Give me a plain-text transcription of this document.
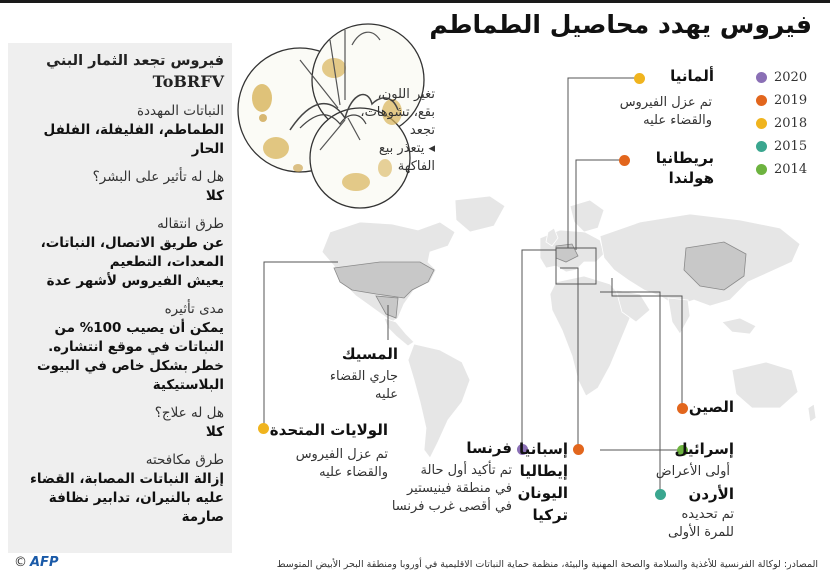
فيروس يهدد محاصيل الطماطم
تغير اللون،
بقع، تشوهات،
تجعد
◂ يتعذر بيع
الفاكهة
فيروس تجعد الثمار البني
ToBRFV
النباتات المهددة
الطماطم، الفليفلة، الفلفل الحار
هل له تأثير على البشر؟
كلا
طرق انتقاله
عن طريق الاتصال، النباتات، المعدات، التطعيم
يعيش الفيروس لأشهر عدة
مدى تأثيره
يمكن أن يصيب 100% من النباتات في موقع انتشاره. خطر بشكل خاص في البيوت البلاستيكية
هل له علاج؟
كلا
طرق مكافحته
إزالة النباتات المصابة، القضاء عليه بالنيران، تدابير نظافة صارمة
2020
2019
2018
2015
2014
ألمانيا
تم عزل الفيروس
والقضاء عليه
بريطانيا
هولندا
المسيك
جاري القضاء
عليه
الولايات المتحدة
تم عزل الفيروس
والقضاء عليه
فرنسا
تم تأكيد أول حالة
في منطقة فينيستير
في أقصى غرب فرنسا
إسبانيا
إيطاليا
اليونان
تركيا
الصين
إسرائيل
أولى الأعراض
الأردن
تم تحديده
للمرة الأولى
© AFP	المصادر: لوكالة الفرنسية للأغذية والسلامة والصحة المهنية والبيئة، منظمة حماية النباتات الاقليمية في أوروبا ومنطقة البحر الأبيض المتوسط
